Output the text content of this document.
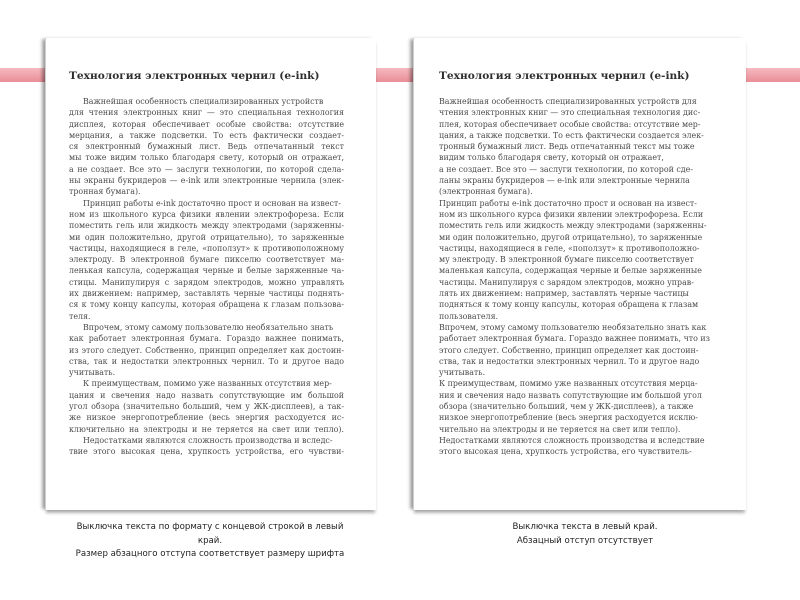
Технология электронных чернил (e-ink)
Важнейшая особенность специализированных устройств
для чтения электронных книг — это специальная технология
дисплея, которая обеспечивает особые свойства: отсутствие
мерцания, а также подсветки. То есть фактически создает-
ся электронный бумажный лист. Ведь отпечатанный текст
мы тоже видим только благодаря свету, который он отражает,
а не создает. Все это — заслуги технологии, по которой сдела-
ны экраны букридеров — e-ink или электронные чернила (элек-
тронная бумага).
Принцип работы e-ink достаточно прост и основан на извест-
ном из школьного курса физики явлении электрофореза. Если
поместить гель или жидкость между электродами (заряженны-
ми один положительно, другой отрицательно), то заряженные
частицы, находящиеся в геле, «поползут» к противоположному
электроду. В электронной бумаге пикселю соответствует ма-
ленькая капсула, содержащая черные и белые заряженные ча-
стицы. Манипулируя с зарядом электродов, можно управлять
их движением: например, заставлять черные частицы поднять-
ся к тому концу капсулы, которая обращена к глазам пользова-
теля.
Впрочем, этому самому пользователю необязательно знать
как работает электронная бумага. Гораздо важнее понимать,
из этого следует. Собственно, принцип определяет как достоин-
ства, так и недостатки электронных чернил. То и другое надо
учитывать.
К преимуществам, помимо уже названных отсутствия мер-
цания и свечения надо назвать сопутствующие им большой
угол обзора (значительно больший, чем у ЖК-дисплеев), а так-
же низкое энергопотребление (весь энергия расходуется ис-
ключительно на электроды и не теряется на свет или тепло).
Недостатками являются сложность производства и вследс-
твие этого высокая цена, хрупкость устройства, его чувстви-
Технология электронных чернил (e-ink)
Важнейшая особенность специализированных устройств для
чтения электронных книг — это специальная технология дис-
плея, которая обеспечивает особые свойства: отсутствие мер-
цания, а также подсветки. То есть фактически создается элек-
тронный бумажный лист. Ведь отпечатанный текст мы тоже
видим только благодаря свету, который он отражает,
а не создает. Все это — заслуги технологии, по которой сде-
ланы экраны букридеров — e-ink или электронные чернила
(электронная бумага).
Принцип работы e-ink достаточно прост и основан на извест-
ном из школьного курса физики явлении электрофореза. Если
поместить гель или жидкость между электродами (заряженны-
ми один положительно, другой отрицательно), то заряженные
частицы, находящиеся в геле, «поползут» к противоположно-
му электроду. В электронной бумаге пикселю соответствует
маленькая капсула, содержащая черные и белые заряженные
частицы. Манипулируя с зарядом электродов, можно управ-
лять их движением: например, заставлять черные частицы
подняться к тому концу капсулы, которая обращена к глазам
пользователя.
Впрочем, этому самому пользователю необязательно знать как
работает электронная бумага. Гораздо важнее понимать, что из
этого следует. Собственно, принцип определяет как достоин-
ства, так и недостатки электронных чернил. То и другое надо
учитывать.
К преимуществам, помимо уже названных отсутствия мерца-
ния и свечения надо назвать сопутствующие им большой угол
обзора (значительно больший, чем у ЖК-дисплеев), а также
низкое энергопотребление (весь энергия расходуется исклю-
чительно на электроды и не теряется на свет или тепло).
Недостатками являются сложность производства и вследствие
этого высокая цена, хрупкость устройства, его чувствитель-
Выключка текста по формату с концевой строкой в левый
край.
Размер абзацного отступа соответствует размеру шрифта
Выключка текста в левый край.
Абзацный отступ отсутствует
